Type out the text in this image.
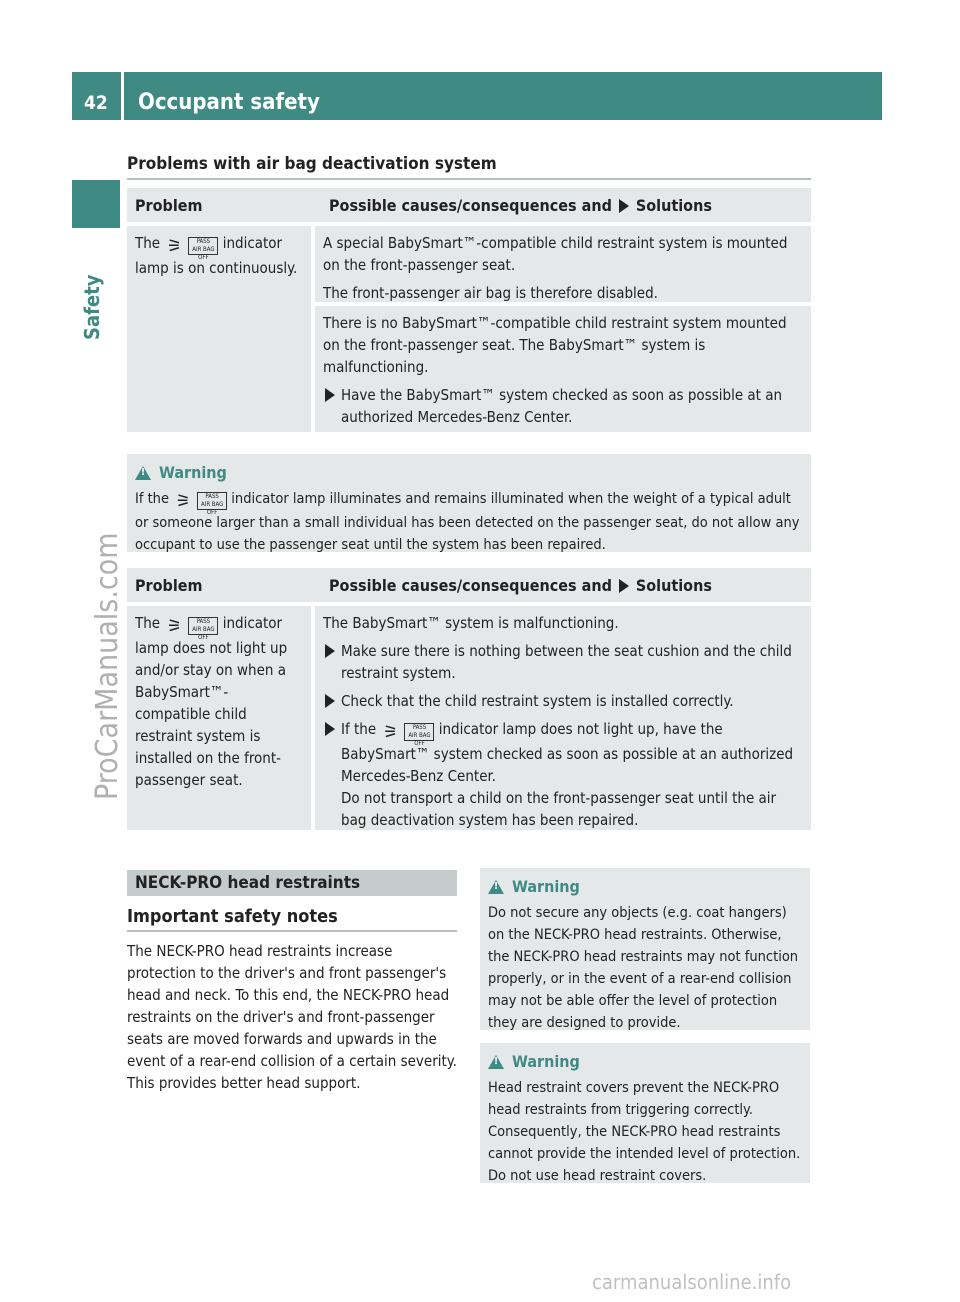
42 Occupant safety
Safety
ProCarManuals.com
Problems with air bag deactivation system
Problem	Possible causes/consequences and Solutions
The ⚞	PASS
AIR BAG OFF
indicator lamp is on continuously.

A special BabySmart™-compatible child restraint system is mounted on the front-passenger seat.

The front-passenger air bag is therefore disabled.

There is no BabySmart™-compatible child restraint system mounted on the front-passenger seat. The BabySmart™ system is malfunctioning.

Have the BabySmart™ system checked as soon as possible at an authorized Mercedes-Benz Center.
!
Warning
If the ⚞	PASS
AIR BAG OFF
indicator lamp illuminates and remains illuminated when the weight of a typical adult or someone larger than a small individual has been detected on the passenger seat, do not allow any occupant to use the passenger seat until the system has been repaired.
Problem	Possible causes/consequences and Solutions
The ⚞	PASS
AIR BAG OFF
indicator lamp does not light up and/or stay on when a BabySmart™-compatible child restraint system is installed on the front-passenger seat.

The BabySmart™ system is malfunctioning.

Make sure there is nothing between the seat cushion and the child restraint system.
Check that the child restraint system is installed correctly.
If the ⚞	PASS
AIR BAG OFF
indicator lamp does not light up, have the BabySmart™ system checked as soon as possible at an authorized Mercedes-Benz Center.
Do not transport a child on the front-passenger seat until the air bag deactivation system has been repaired.
NECK-PRO head restraints
Important safety notes
The NECK-PRO head restraints increase protection to the driver's and front passenger's head and neck. To this end, the NECK-PRO head restraints on the driver's and front-passenger seats are moved forwards and upwards in the event of a rear-end collision of a certain severity. This provides better head support.
!
Warning
Do not secure any objects (e.g. coat hangers) on the NECK-PRO head restraints. Otherwise, the NECK-PRO head restraints may not function properly, or in the event of a rear-end collision may not be able offer the level of protection they are designed to provide.
!
Warning
Head restraint covers prevent the NECK-PRO head restraints from triggering correctly. Consequently, the NECK-PRO head restraints cannot provide the intended level of protection. Do not use head restraint covers.
carmanualsonline.info
